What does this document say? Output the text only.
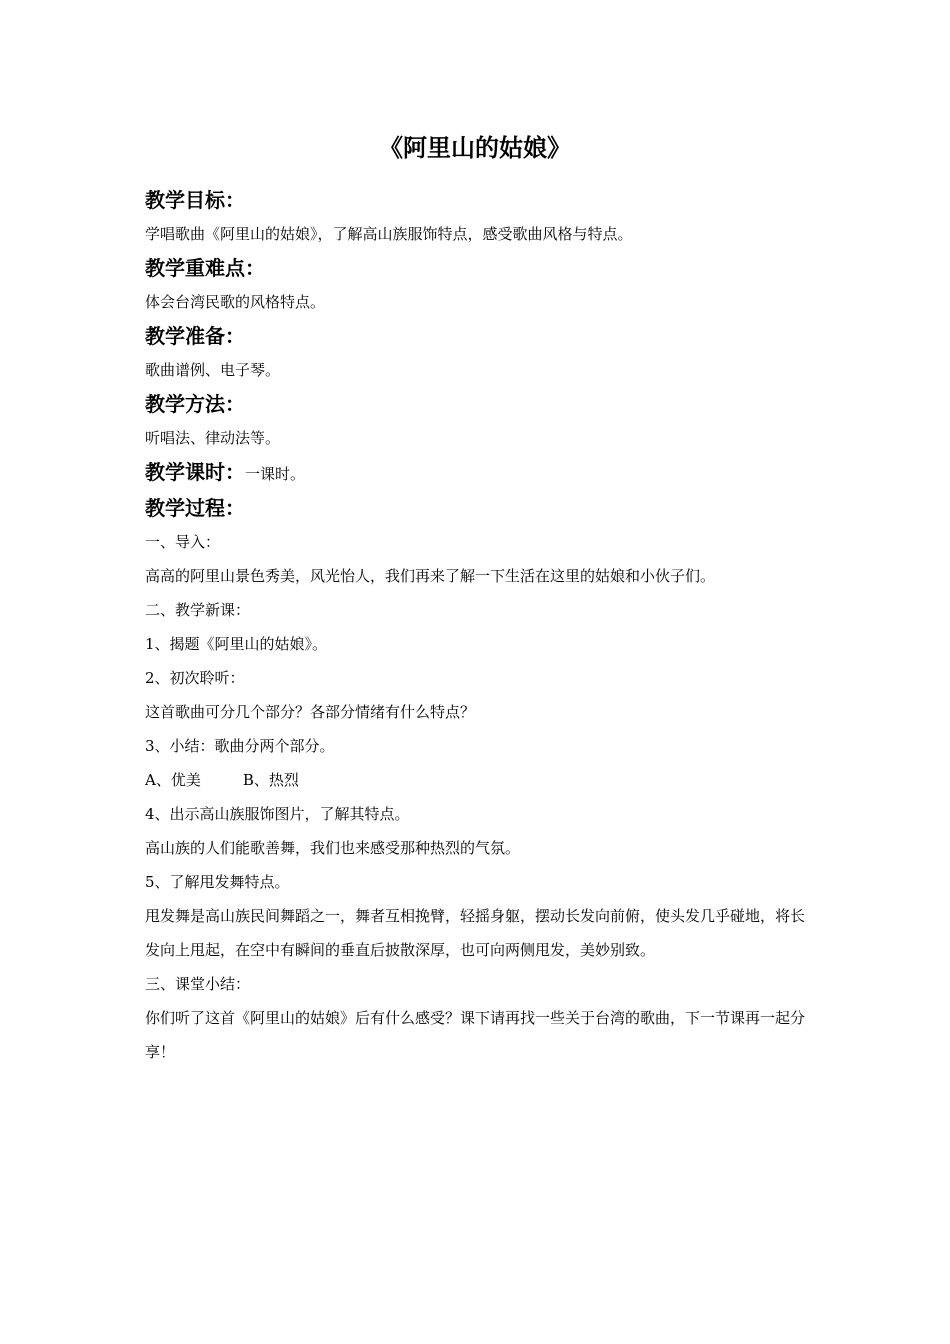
《阿里山的姑娘》

教学目标：

学唱歌曲《阿里山的姑娘》，了解高山族服饰特点，感受歌曲风格与特点。

教学重难点：

体会台湾民歌的风格特点。

教学准备：

歌曲谱例、电子琴。

教学方法：

听唱法、律动法等。

教学课时：一课时。

教学过程：

一、导入：

高高的阿里山景色秀美，风光怡人，我们再来了解一下生活在这里的姑娘和小伙子们。

二、教学新课：

1、揭题《阿里山的姑娘》。

2、初次聆听：

这首歌曲可分几个部分？各部分情绪有什么特点？

3、小结：歌曲分两个部分。

A、优美	B、热烈

4、出示高山族服饰图片，了解其特点。

高山族的人们能歌善舞，我们也来感受那种热烈的气氛。

5、了解甩发舞特点。

甩发舞是高山族民间舞蹈之一，舞者互相挽臂，轻摇身躯，摆动长发向前俯，使头发几乎碰地，将长发向上甩起，在空中有瞬间的垂直后披散深厚，也可向两侧甩发，美妙别致。

三、课堂小结：

你们听了这首《阿里山的姑娘》后有什么感受？课下请再找一些关于台湾的歌曲，下一节课再一起分享！
